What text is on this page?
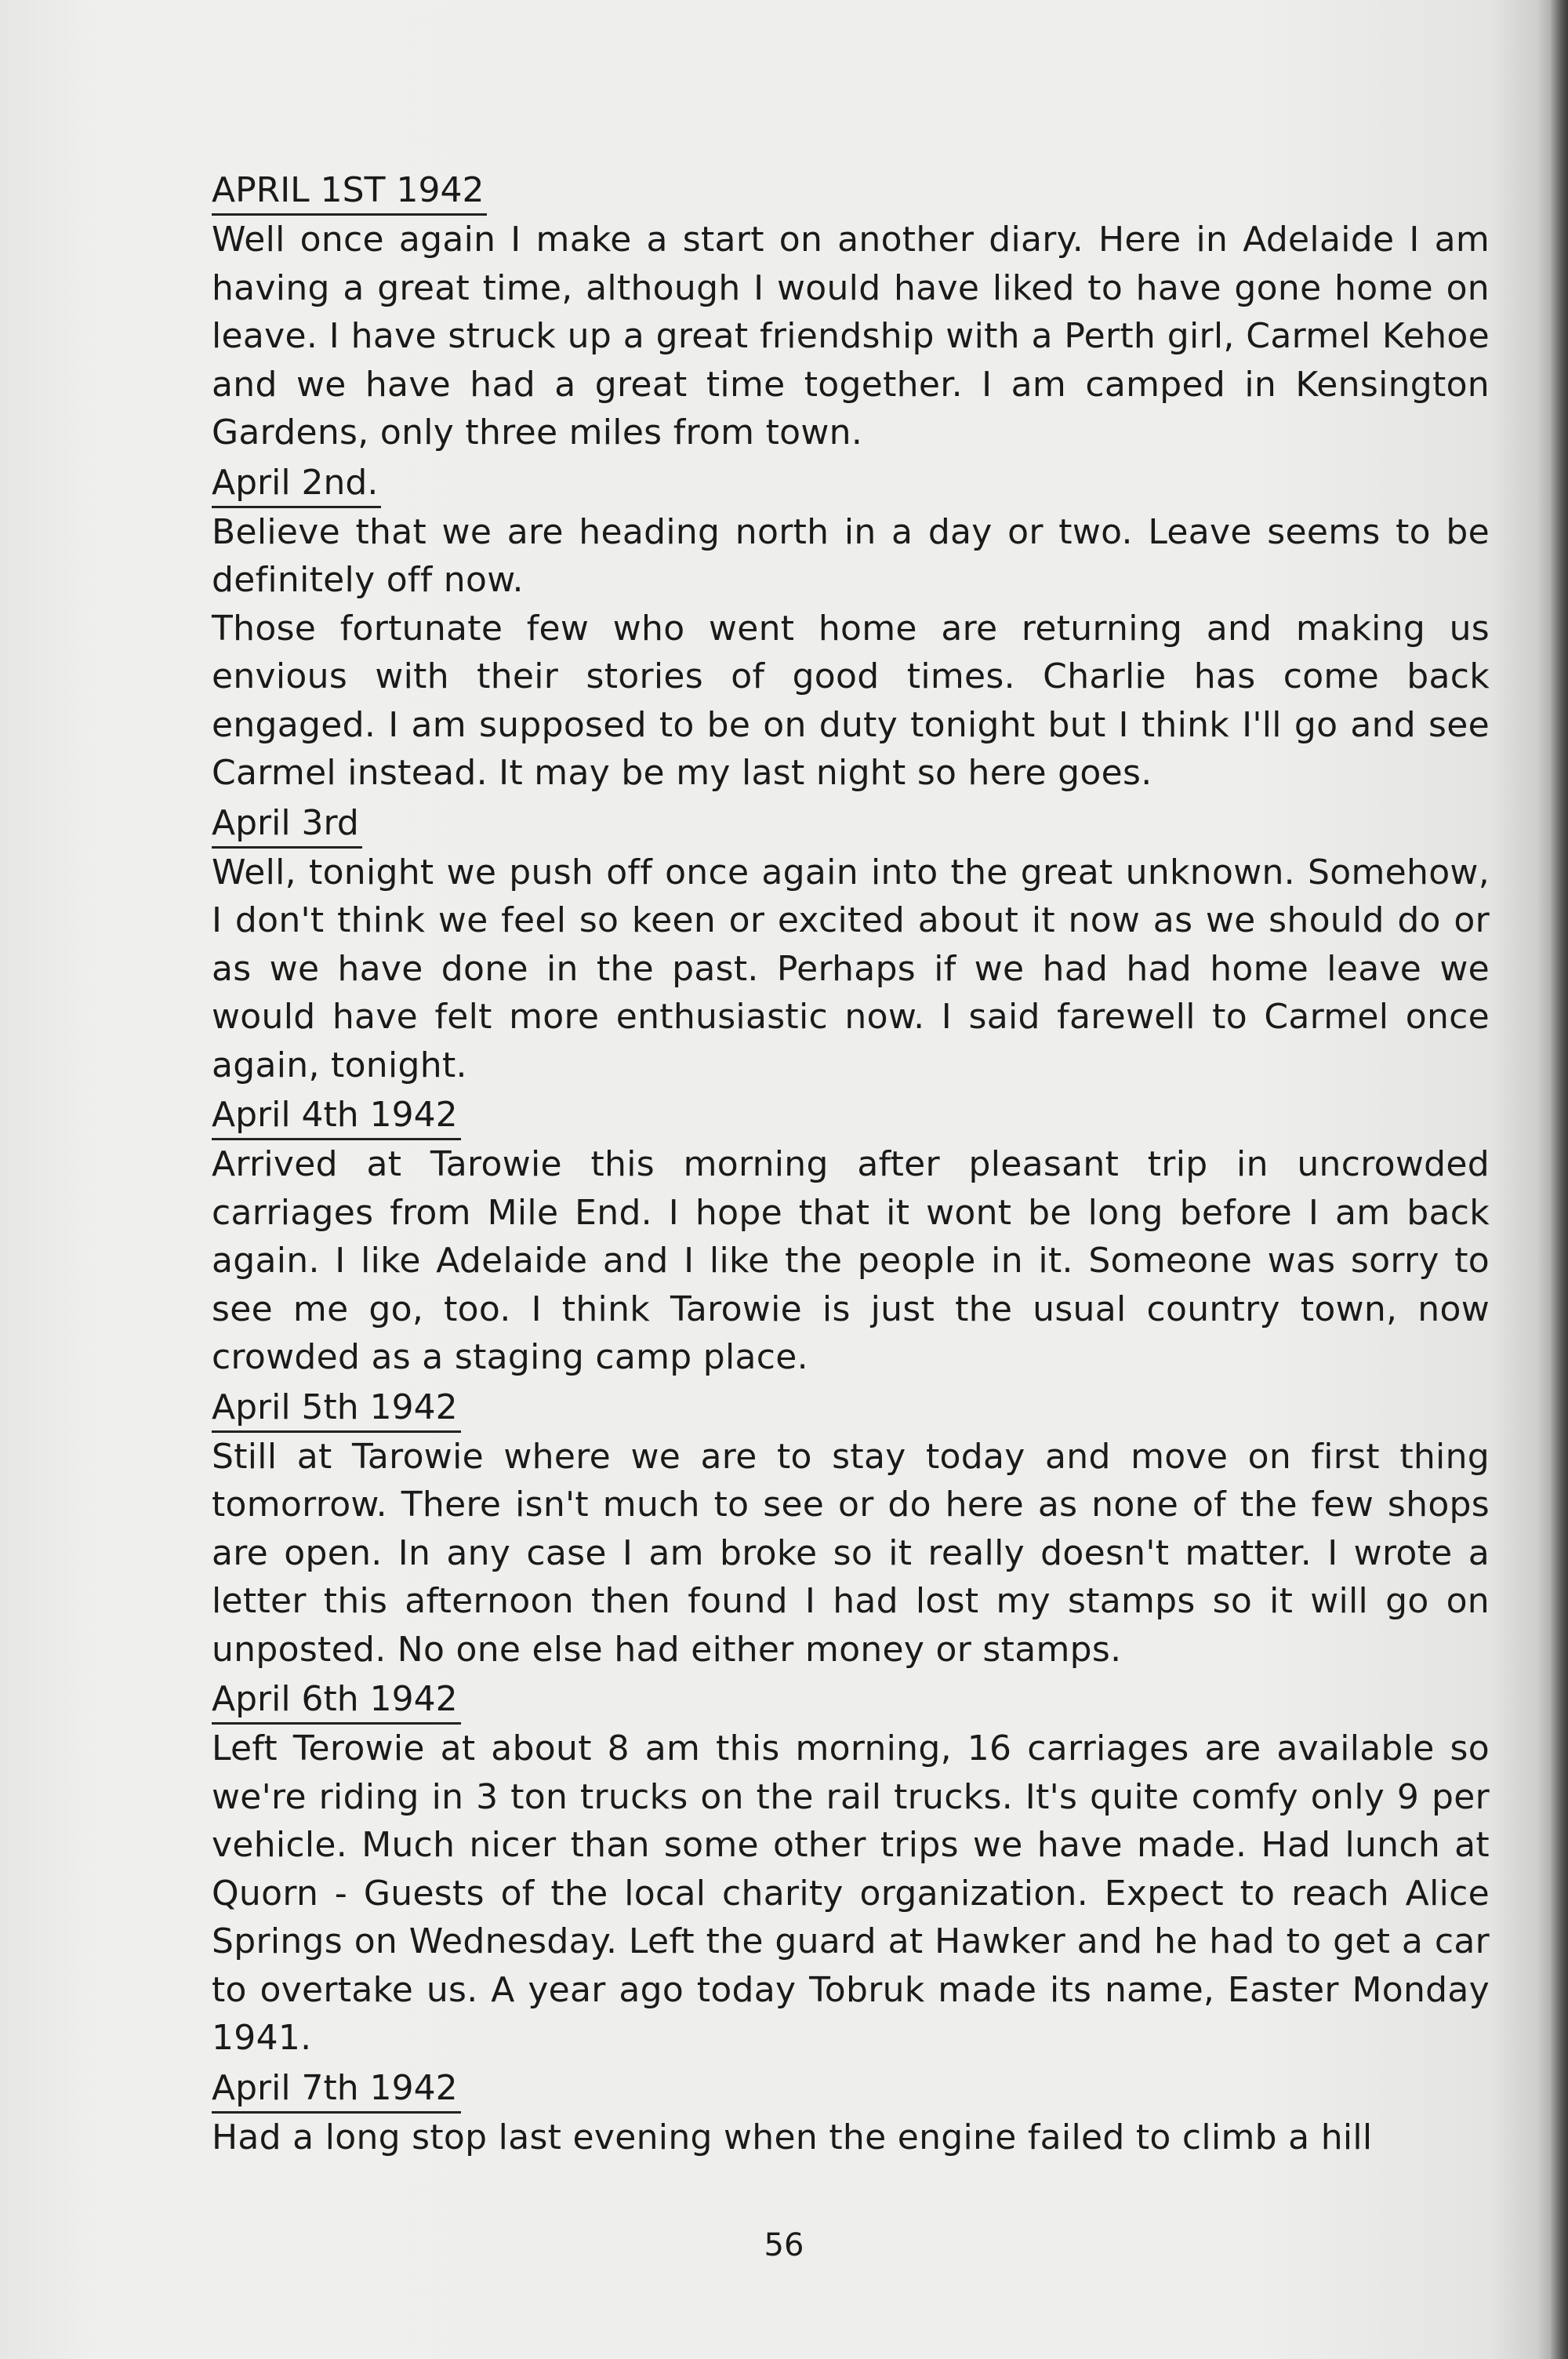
APRIL 1ST 1942

Well once again I make a start on another diary. Here in Adelaide I am having a great time, although I would have liked to have gone home on leave. I have struck up a great friendship with a Perth girl, Carmel Kehoe and we have had a great time together. I am camped in Kensington Gardens, only three miles from town.

April 2nd.

Believe that we are heading north in a day or two. Leave seems to be definitely off now.

Those fortunate few who went home are returning and making us envious with their stories of good times. Charlie has come back engaged. I am supposed to be on duty tonight but I think I'll go and see Carmel instead. It may be my last night so here goes.

April 3rd

Well, tonight we push off once again into the great unknown. Somehow, I don't think we feel so keen or excited about it now as we should do or as we have done in the past. Perhaps if we had had home leave we would have felt more enthusiastic now. I said farewell to Carmel once again, tonight.

April 4th 1942

Arrived at Tarowie this morning after pleasant trip in uncrowded carriages from Mile End. I hope that it wont be long before I am back again. I like Adelaide and I like the people in it. Someone was sorry to see me go, too. I think Tarowie is just the usual country town, now crowded as a staging camp place.

April 5th 1942

Still at Tarowie where we are to stay today and move on first thing tomorrow. There isn't much to see or do here as none of the few shops are open. In any case I am broke so it really doesn't matter. I wrote a letter this afternoon then found I had lost my stamps so it will go on unposted. No one else had either money or stamps.

April 6th 1942

Left Terowie at about 8 am this morning, 16 carriages are available so we're riding in 3 ton trucks on the rail trucks. It's quite comfy only 9 per vehicle. Much nicer than some other trips we have made. Had lunch at Quorn - Guests of the local charity organization. Expect to reach Alice Springs on Wednesday. Left the guard at Hawker and he had to get a car to overtake us. A year ago today Tobruk made its name, Easter Monday 1941.

April 7th 1942

Had a long stop last evening when the engine failed to climb a hill

56
